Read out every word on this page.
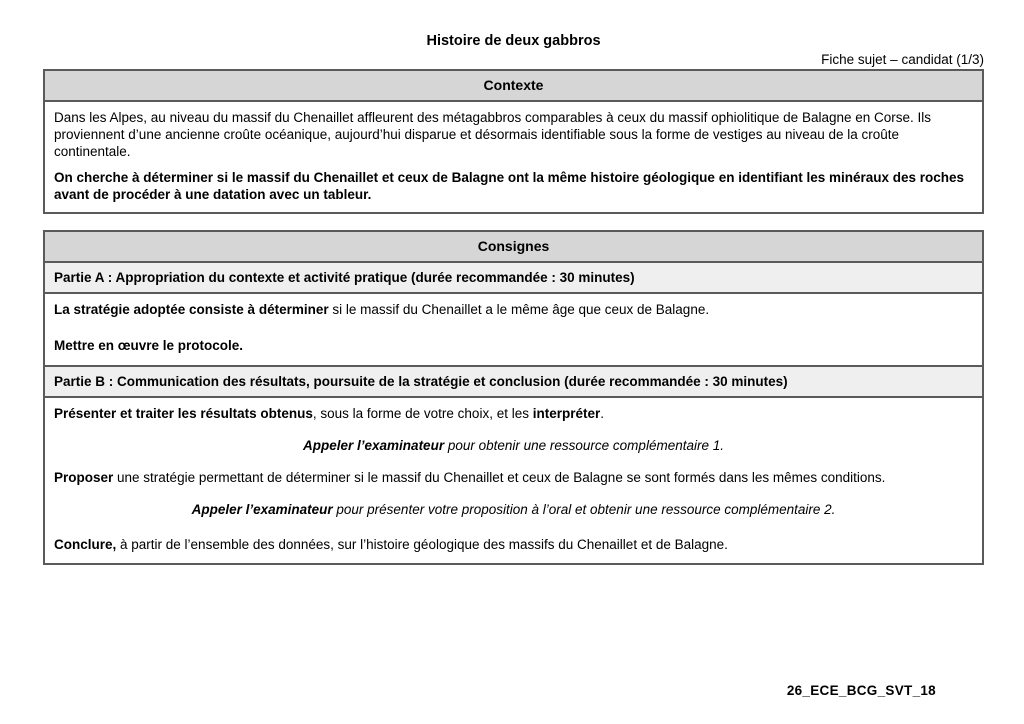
Histoire de deux gabbros
Fiche sujet – candidat (1/3)
Contexte

Dans les Alpes, au niveau du massif du Chenaillet affleurent des métagabbros comparables à ceux du massif ophiolitique de Balagne en Corse. Ils proviennent d’une ancienne croûte océanique, aujourd’hui disparue et désormais identifiable sous la forme de vestiges au niveau de la croûte continentale.

On cherche à déterminer si le massif du Chenaillet et ceux de Balagne ont la même histoire géologique en identifiant les minéraux des roches avant de procéder à une datation avec un tableur.

Consignes
Partie A : Appropriation du contexte et activité pratique (durée recommandée : 30 minutes)

La stratégie adoptée consiste à déterminer si le massif du Chenaillet a le même âge que ceux de Balagne.

Mettre en œuvre le protocole.

Partie B : Communication des résultats, poursuite de la stratégie et conclusion (durée recommandée : 30 minutes)

Présenter et traiter les résultats obtenus, sous la forme de votre choix, et les interpréter.

Appeler l’examinateur pour obtenir une ressource complémentaire 1.

Proposer une stratégie permettant de déterminer si le massif du Chenaillet et ceux de Balagne se sont formés dans les mêmes conditions.

Appeler l’examinateur pour présenter votre proposition à l’oral et obtenir une ressource complémentaire 2.

Conclure, à partir de l’ensemble des données, sur l’histoire géologique des massifs du Chenaillet et de Balagne.

26_ECE_BCG_SVT_18
